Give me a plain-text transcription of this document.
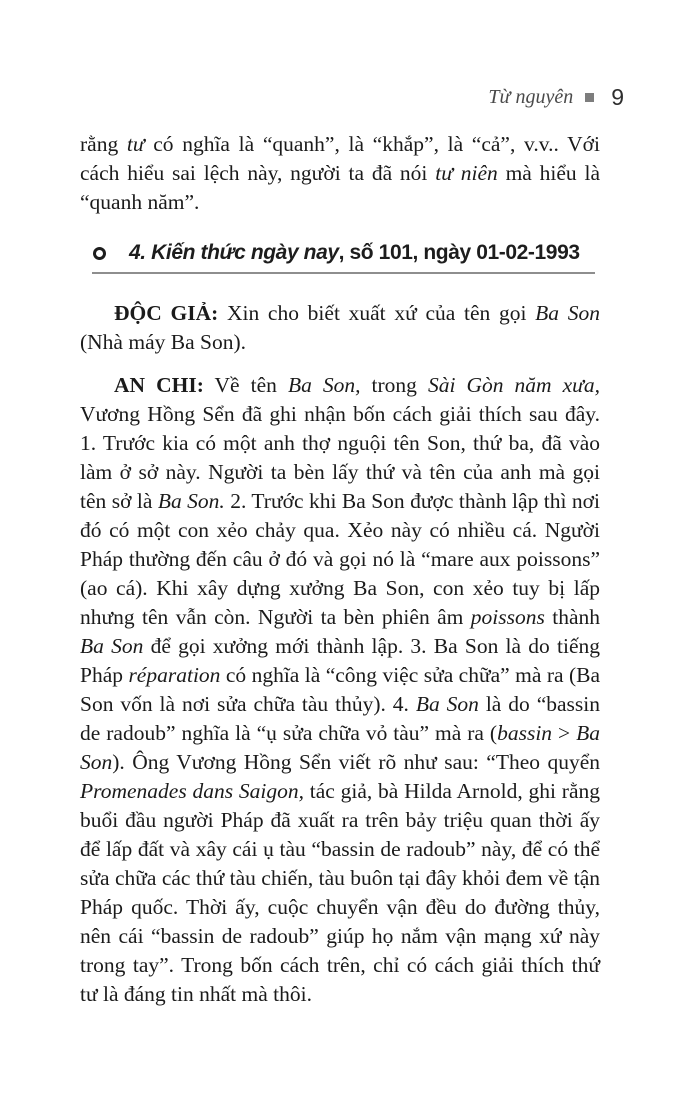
Từ nguyên 9

rằng tư có nghĩa là “quanh”, là “khắp”, là “cả”, v.v.. Với cách hiểu sai lệch này, người ta đã nói tư niên mà hiểu là “quanh năm”.

4. Kiến thức ngày nay, số 101, ngày 01-02-1993

ĐỘC GIẢ: Xin cho biết xuất xứ của tên gọi Ba Son (Nhà máy Ba Son).

AN CHI: Về tên Ba Son, trong Sài Gòn năm xưa, Vương Hồng Sển đã ghi nhận bốn cách giải thích sau đây. 1. Trước kia có một anh thợ nguội tên Son, thứ ba, đã vào làm ở sở này. Người ta bèn lấy thứ và tên của anh mà gọi tên sở là Ba Son. 2. Trước khi Ba Son được thành lập thì nơi đó có một con xẻo chảy qua. Xẻo này có nhiều cá. Người Pháp thường đến câu ở đó và gọi nó là “mare aux poissons” (ao cá). Khi xây dựng xưởng Ba Son, con xẻo tuy bị lấp nhưng tên vẫn còn. Người ta bèn phiên âm poissons thành Ba Son để gọi xưởng mới thành lập. 3. Ba Son là do tiếng Pháp réparation có nghĩa là “công việc sửa chữa” mà ra (Ba Son vốn là nơi sửa chữa tàu thủy). 4. Ba Son là do “bassin de radoub” nghĩa là “ụ sửa chữa vỏ tàu” mà ra (bassin > Ba Son). Ông Vương Hồng Sển viết rõ như sau: “Theo quyển Promenades dans Saigon, tác giả, bà Hilda Arnold, ghi rằng buổi đầu người Pháp đã xuất ra trên bảy triệu quan thời ấy để lấp đất và xây cái ụ tàu “bassin de radoub” này, để có thể sửa chữa các thứ tàu chiến, tàu buôn tại đây khỏi đem về tận Pháp quốc. Thời ấy, cuộc chuyển vận đều do đường thủy, nên cái “bassin de radoub” giúp họ nắm vận mạng xứ này trong tay”. Trong bốn cách trên, chỉ có cách giải thích thứ tư là đáng tin nhất mà thôi.
